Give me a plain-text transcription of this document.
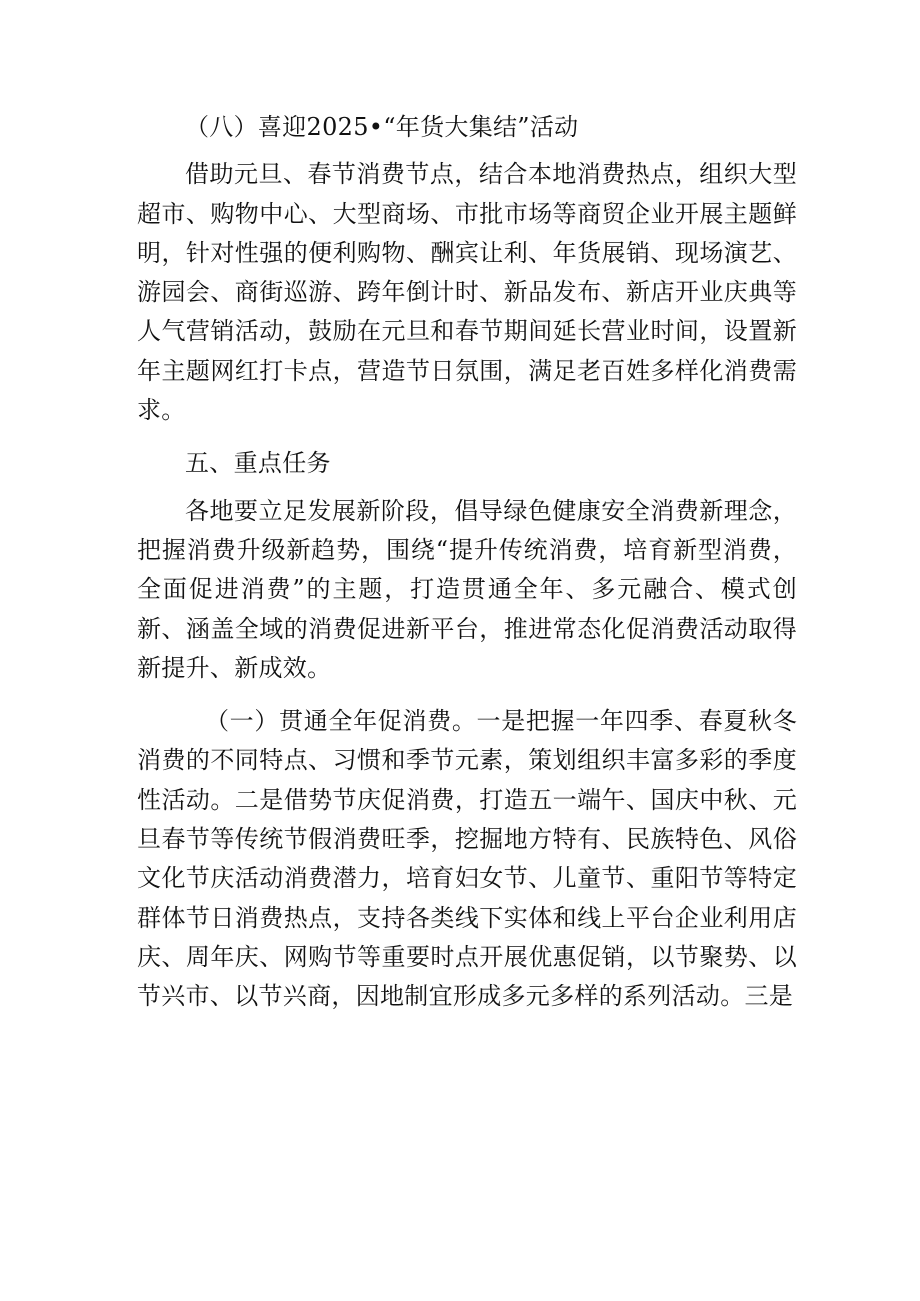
（八）喜迎2025•“年货大集结”活动

借助元旦、春节消费节点，结合本地消费热点，组织大型超市、购物中心、大型商场、市批市场等商贸企业开展主题鲜明，针对性强的便利购物、酬宾让利、年货展销、现场演艺、游园会、商街巡游、跨年倒计时、新品发布、新店开业庆典等人气营销活动，鼓励在元旦和春节期间延长营业时间，设置新年主题网红打卡点，营造节日氛围，满足老百姓多样化消费需求。

五、重点任务

各地要立足发展新阶段，倡导绿色健康安全消费新理念，把握消费升级新趋势，围绕“提升传统消费，培育新型消费，全面促进消费”的主题，打造贯通全年、多元融合、模式创新、涵盖全域的消费促进新平台，推进常态化促消费活动取得新提升、新成效。

（一）贯通全年促消费。一是把握一年四季、春夏秋冬消费的不同特点、习惯和季节元素，策划组织丰富多彩的季度性活动。二是借势节庆促消费，打造五一端午、国庆中秋、元旦春节等传统节假消费旺季，挖掘地方特有、民族特色、风俗文化节庆活动消费潜力，培育妇女节、儿童节、重阳节等特定群体节日消费热点，支持各类线下实体和线上平台企业利用店庆、周年庆、网购节等重要时点开展优惠促销，以节聚势、以节兴市、以节兴商，因地制宜形成多元多样的系列活动。三是
